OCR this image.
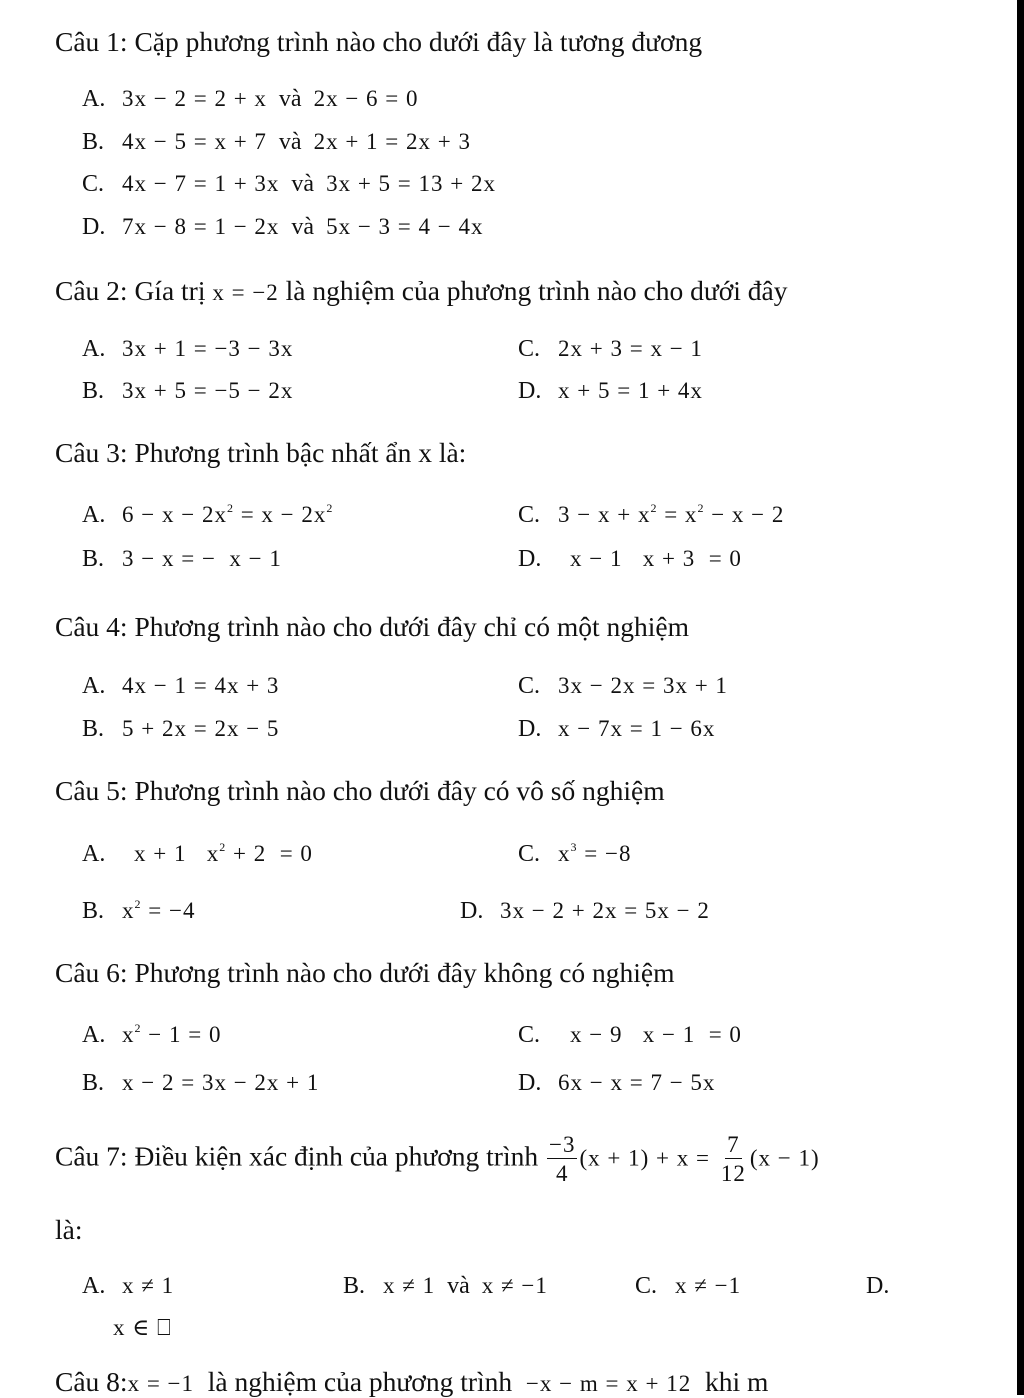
Câu 1: Cặp phương trình nào cho dưới đây là tương đương
A. 3x − 2 = 2 + x và 2x − 6 = 0
B. 4x − 5 = x + 7 và 2x + 1 = 2x + 3
C. 4x − 7 = 1 + 3x và 3x + 5 = 13 + 2x
D. 7x − 8 = 1 − 2x và 5x − 3 = 4 − 4x
Câu 2: Gía trị x = −2 là nghiệm của phương trình nào cho dưới đây
A. 3x + 1 = −3 − 3x	C. 2x + 3 = x − 1
B. 3x + 5 = −5 − 2x	D. x + 5 = 1 + 4x
Câu 3: Phương trình bậc nhất ẩn x là:
A. $6 - x - 2x^2 = x - 2x^2$	C. $3 - x + x^2 = x^2 - x - 2$
B. 3 − x = −  x − 1	D. x − 1   x + 3  = 0
Câu 4: Phương trình nào cho dưới đây chỉ có một nghiệm
A. 4x − 1 = 4x + 3	C. 3x − 2x = 3x + 1
B. 5 + 2x = 2x − 5	D. x − 7x = 1 − 6x
Câu 5: Phương trình nào cho dưới đây có vô số nghiệm
A. x + 1   $x^2 + 2 = 0$	C. $x^3 = -8$
B. $x^2 = -4$	D. 3x − 2 + 2x = 5x − 2
Câu 6: Phương trình nào cho dưới đây không có nghiệm
A. $x^2 - 1 = 0$	C. x − 9   x − 1  = 0
B. x − 2 = 3x − 2x + 1	D. 6x − x = 7 − 5x
Câu 7: Điều kiện xác định của phương trình $\frac{-3}{4} (x + 1) + x = \frac{7}{12} (x - 1)$
là:
A. x ≠ 1	B. x ≠ 1 và x ≠ −1	C. x ≠ −1	D.
x ∈ ⎕
Câu 8:x = −1 là nghiệm của phương trình −x − m = x + 12 khi m
